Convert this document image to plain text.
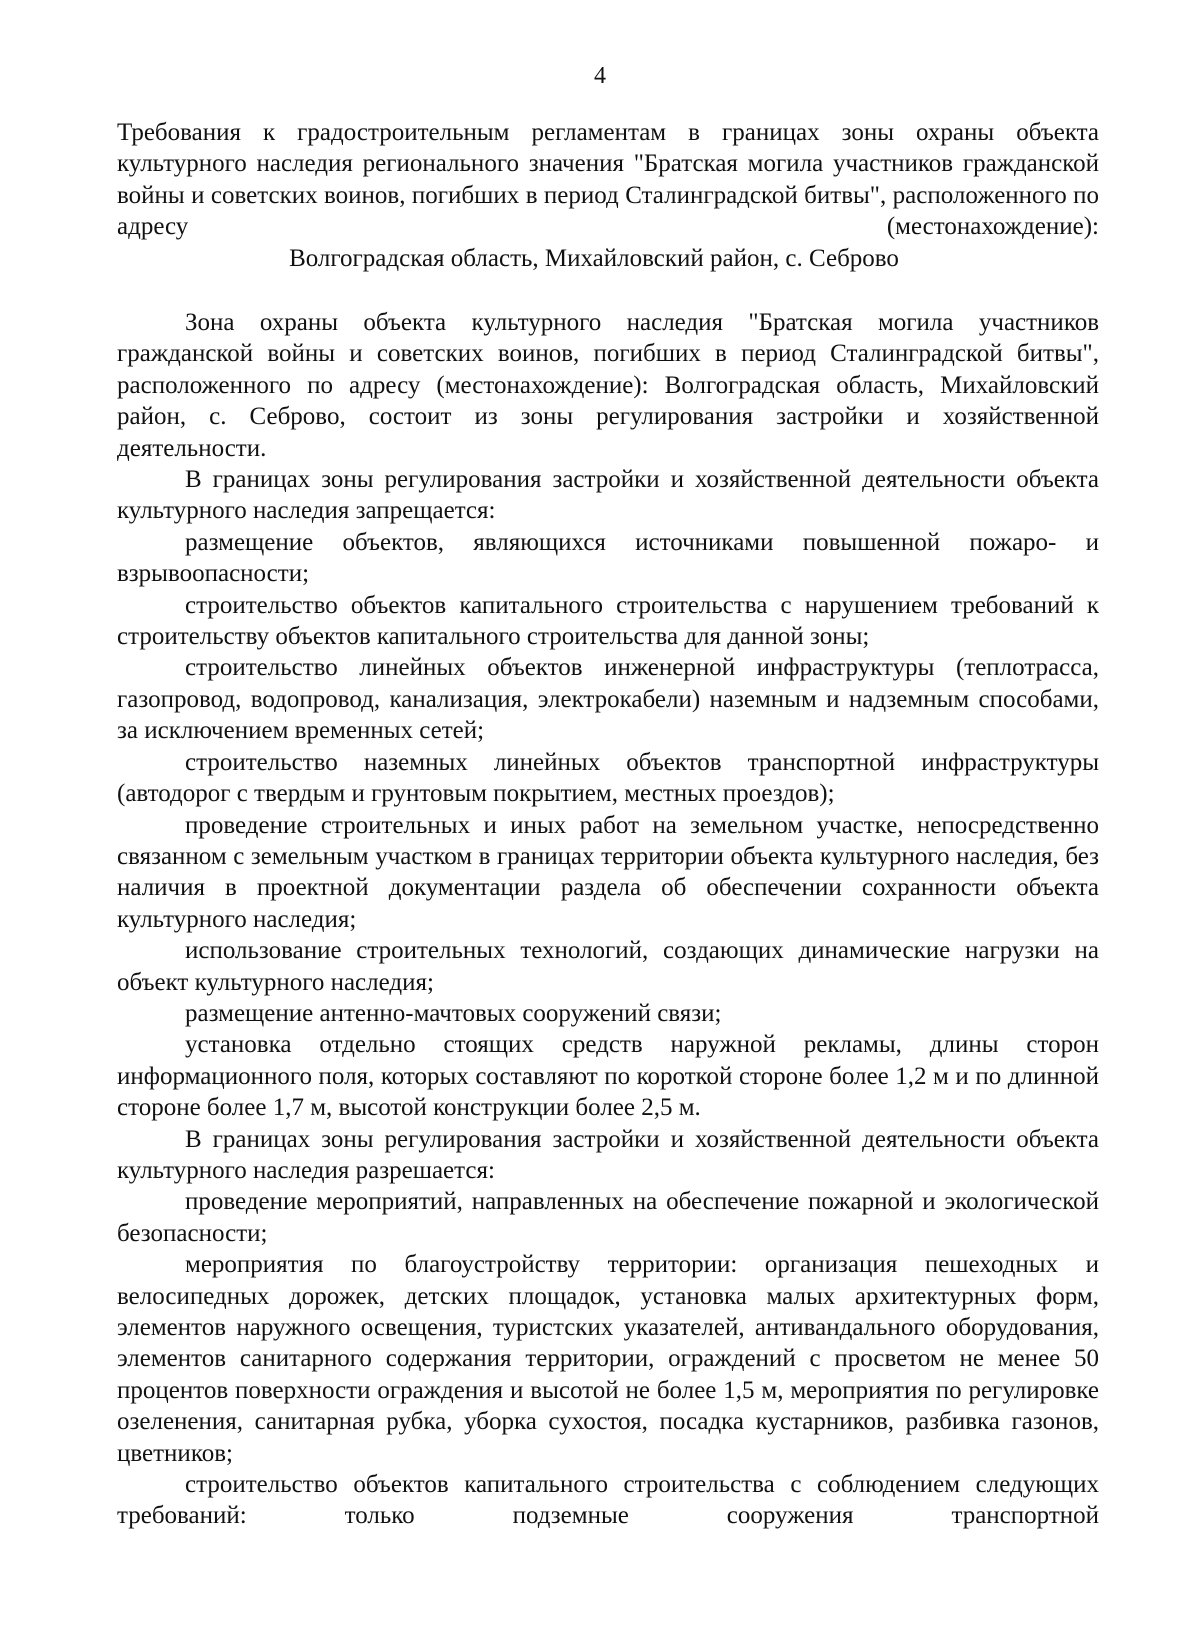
4

Требования к градостроительным регламентам в границах зоны охраны объекта культурного наследия регионального значения "Братская могила участников гражданской войны и советских воинов, погибших в период Сталинградской битвы", расположенного по адресу (местонахождение):

Волгоградская область, Михайловский район, с. Себрово

Зона охраны объекта культурного наследия "Братская могила участников гражданской войны и советских воинов, погибших в период Сталинградской битвы", расположенного по адресу (местонахождение): Волгоградская область, Михайловский район, с. Себрово, состоит из зоны регулирования застройки и хозяйственной деятельности.

В границах зоны регулирования застройки и хозяйственной деятельности объекта культурного наследия запрещается:

размещение объектов, являющихся источниками повышенной пожаро- и взрывоопасности;

строительство объектов капитального строительства с нарушением требований к строительству объектов капитального строительства для данной зоны;

строительство линейных объектов инженерной инфраструктуры (теплотрасса, газопровод, водопровод, канализация, электрокабели) наземным и надземным способами, за исключением временных сетей;

строительство наземных линейных объектов транспортной инфраструктуры (автодорог с твердым и грунтовым покрытием, местных проездов);

проведение строительных и иных работ на земельном участке, непосредственно связанном с земельным участком в границах территории объекта культурного наследия, без наличия в проектной документации раздела об обеспечении сохранности объекта культурного наследия;

использование строительных технологий, создающих динамические нагрузки на объект культурного наследия;

размещение антенно-мачтовых сооружений связи;

установка отдельно стоящих средств наружной рекламы, длины сторон информационного поля, которых составляют по короткой стороне более 1,2 м и по длинной стороне более 1,7 м, высотой конструкции более 2,5 м.

В границах зоны регулирования застройки и хозяйственной деятельности объекта культурного наследия разрешается:

проведение мероприятий, направленных на обеспечение пожарной и экологической безопасности;

мероприятия по благоустройству территории: организация пешеходных и велосипедных дорожек, детских площадок, установка малых архитектурных форм, элементов наружного освещения, туристских указателей, антивандального оборудования, элементов санитарного содержания территории, ограждений с просветом не менее 50 процентов поверхности ограждения и высотой не более 1,5 м, мероприятия по регулировке озеленения, санитарная рубка, уборка сухостоя, посадка кустарников, разбивка газонов, цветников;

строительство объектов капитального строительства с соблюдением следующих требований: только подземные сооружения транспортной
